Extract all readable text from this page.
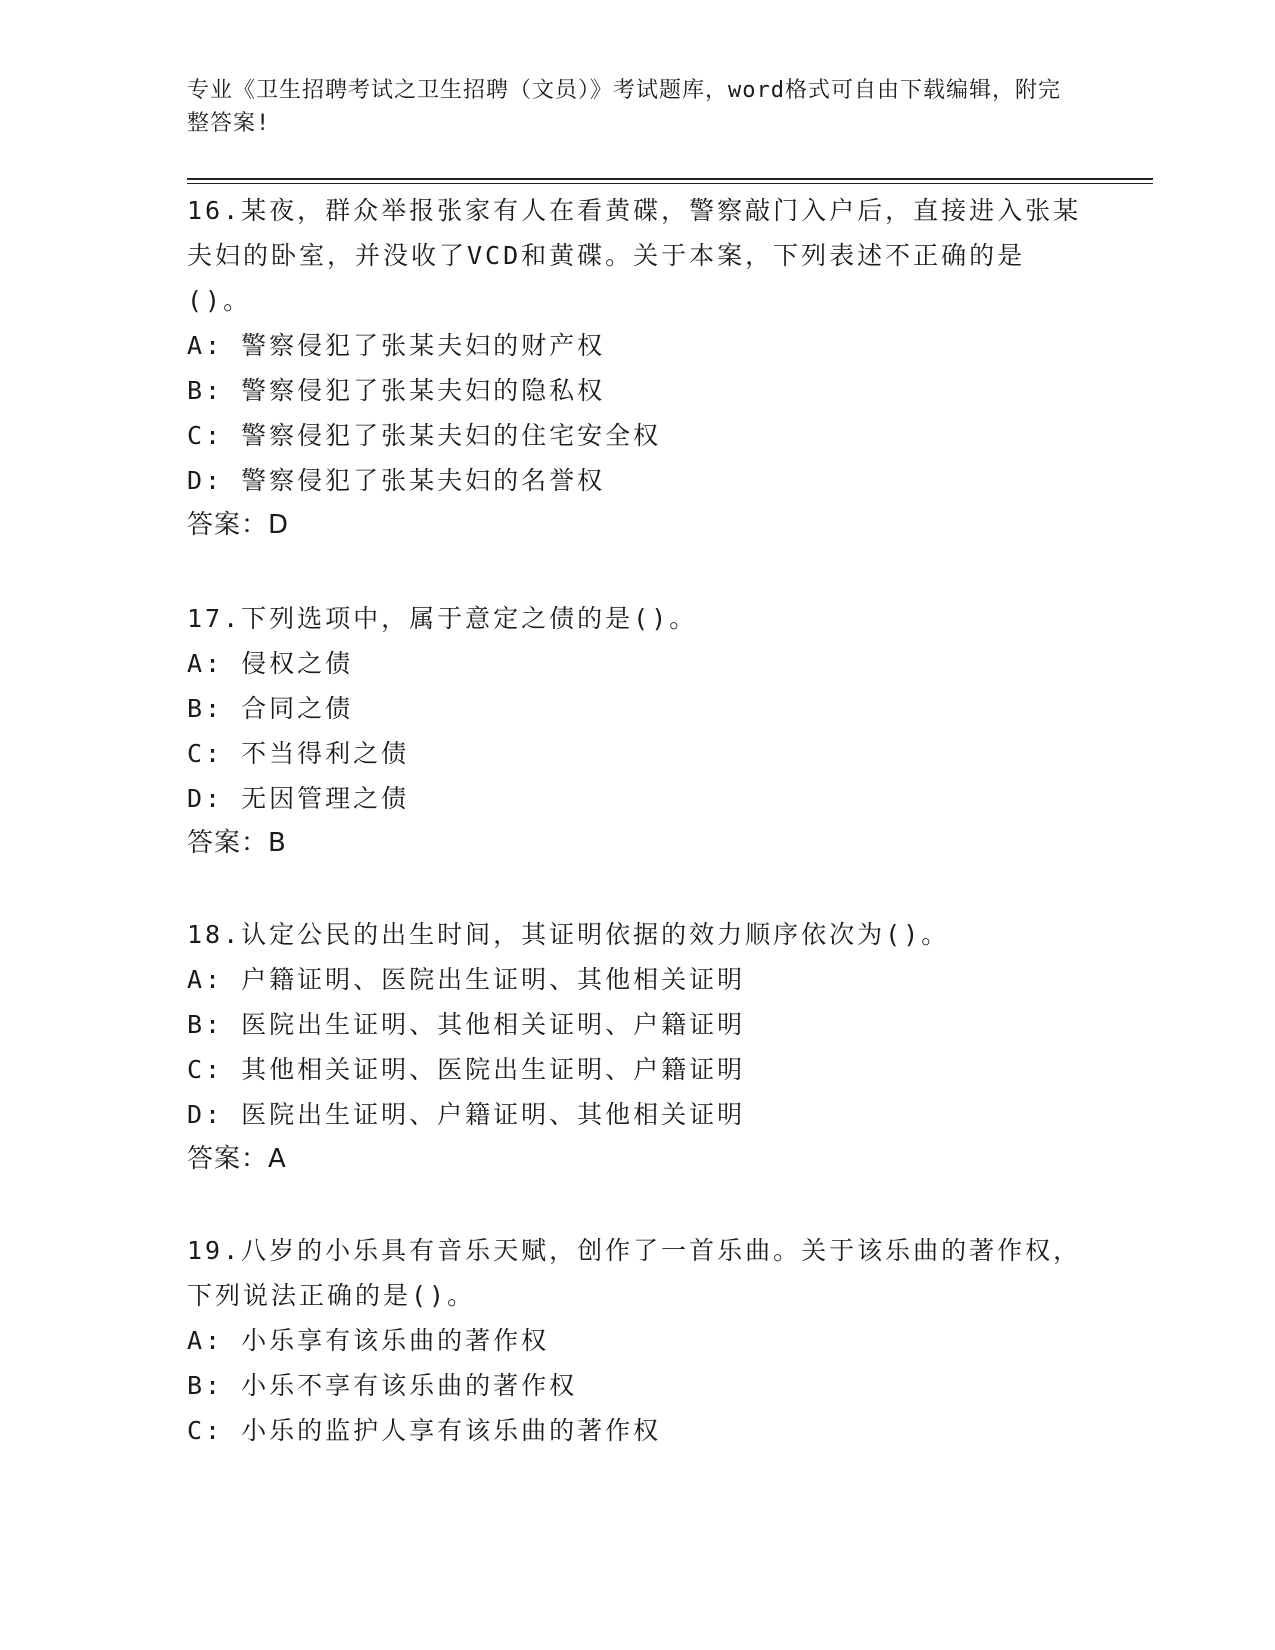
专业《卫生招聘考试之卫生招聘（文员）》考试题库，word格式可自由下载编辑，附完整答案!

16.某夜，群众举报张家有人在看黄碟，警察敲门入户后，直接进入张某夫妇的卧室，并没收了VCD和黄碟。关于本案，下列表述不正确的是()。

A: 警察侵犯了张某夫妇的财产权
B: 警察侵犯了张某夫妇的隐私权
C: 警察侵犯了张某夫妇的住宅安全权
D: 警察侵犯了张某夫妇的名誉权

答案：D

17.下列选项中，属于意定之债的是()。

A: 侵权之债
B: 合同之债
C: 不当得利之债
D: 无因管理之债

答案：B

18.认定公民的出生时间，其证明依据的效力顺序依次为()。

A: 户籍证明、医院出生证明、其他相关证明
B: 医院出生证明、其他相关证明、户籍证明
C: 其他相关证明、医院出生证明、户籍证明
D: 医院出生证明、户籍证明、其他相关证明

答案：A

19.八岁的小乐具有音乐天赋，创作了一首乐曲。关于该乐曲的著作权，下列说法正确的是()。

A: 小乐享有该乐曲的著作权
B: 小乐不享有该乐曲的著作权
C: 小乐的监护人享有该乐曲的著作权
